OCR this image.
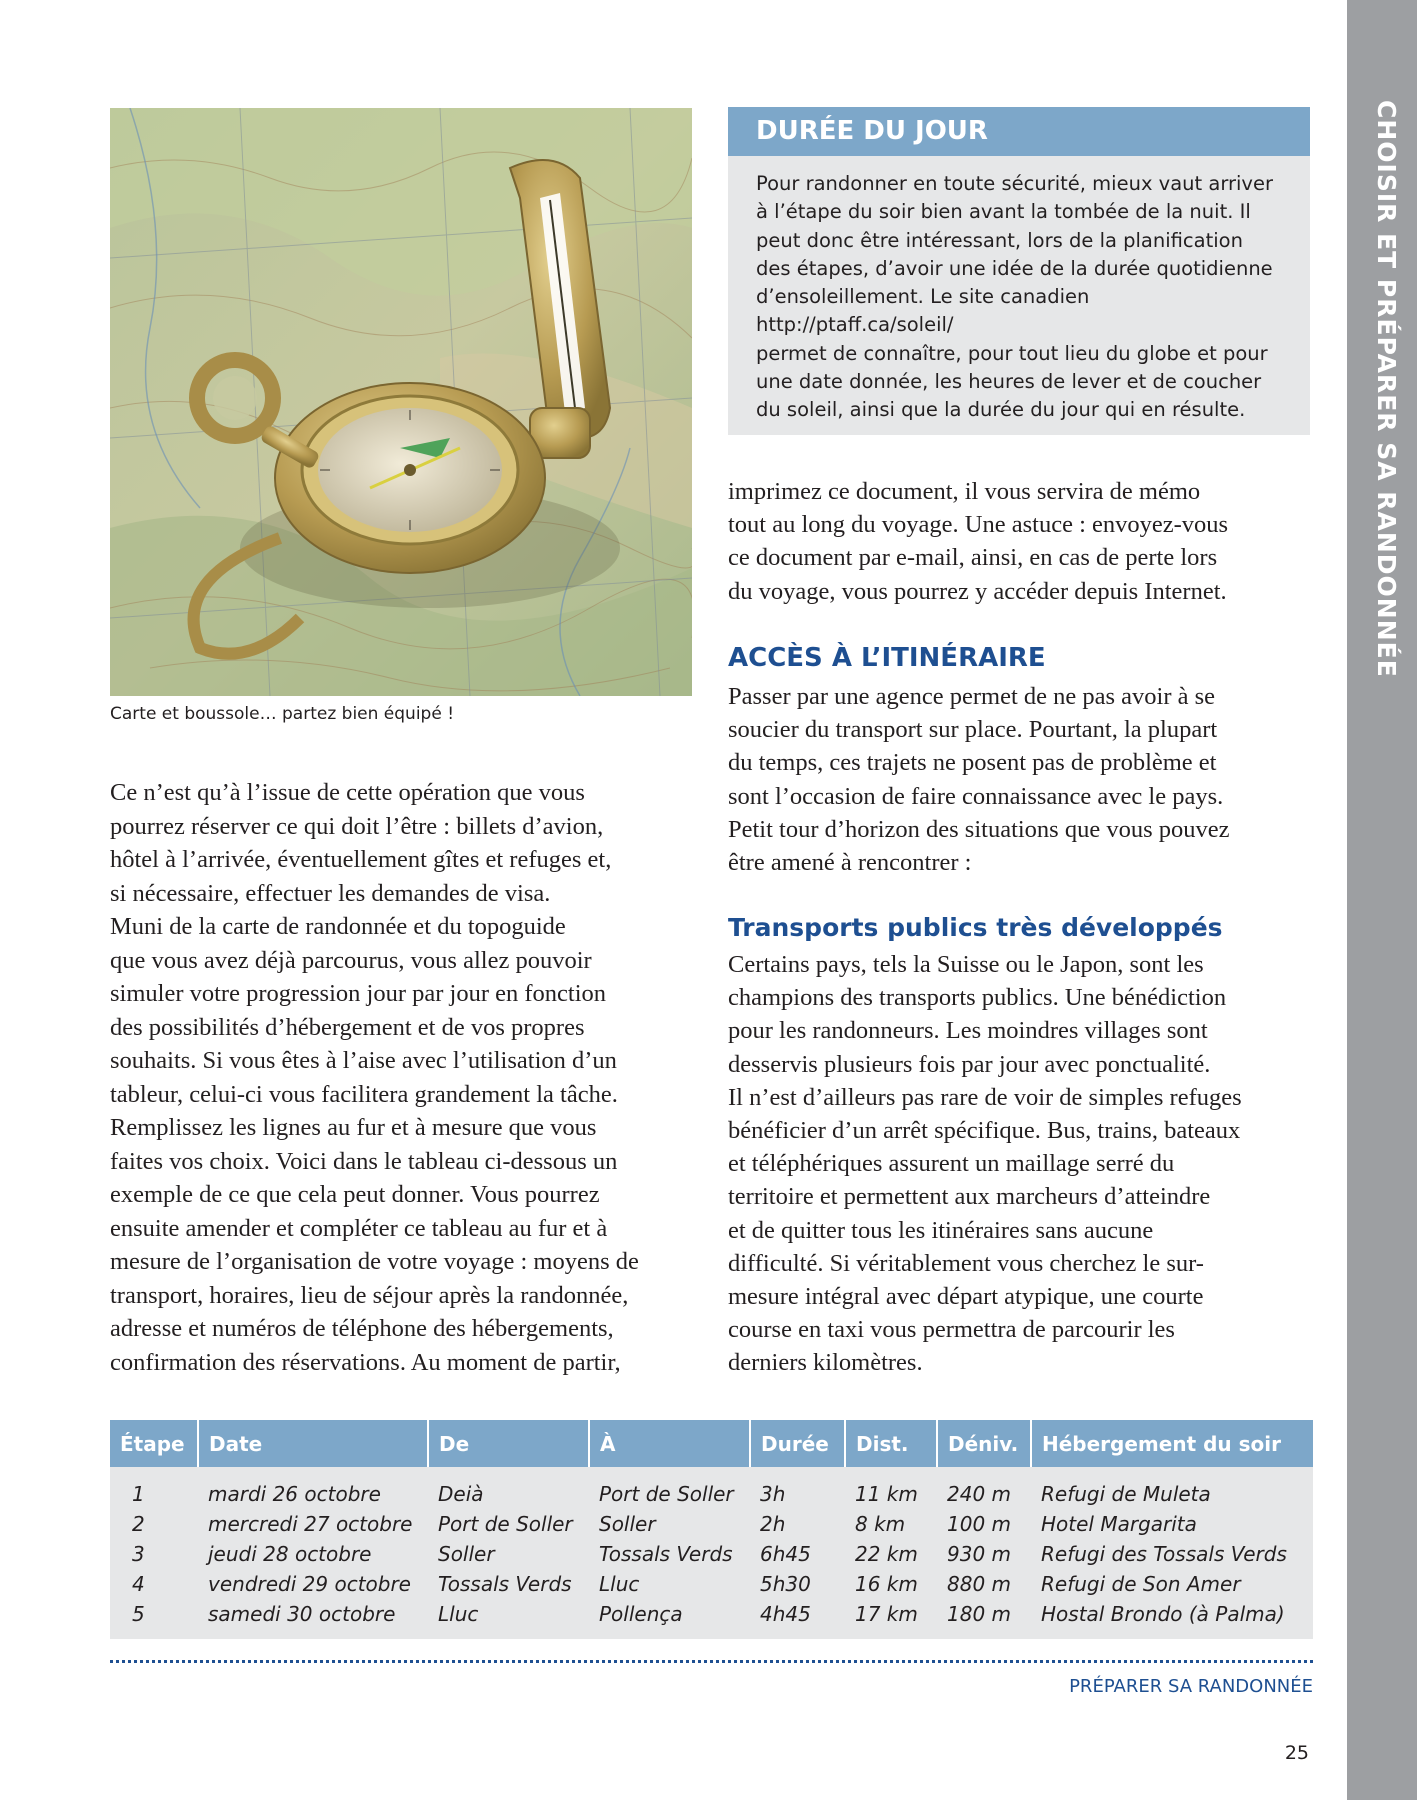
CHOISIR ET PRÉPARER SA RANDONNÉE
Carte et boussole… partez bien équipé !

Ce n’est qu’à l’issue de cette opération que vous

pourrez réserver ce qui doit l’être : billets d’avion,

hôtel à l’arrivée, éventuellement gîtes et refuges et,

si nécessaire, effectuer les demandes de visa.

Muni de la carte de randonnée et du topoguide

que vous avez déjà parcourus, vous allez pouvoir

simuler votre progression jour par jour en fonction

des possibilités d’hébergement et de vos propres

souhaits. Si vous êtes à l’aise avec l’utilisation d’un

tableur, celui-ci vous facilitera grandement la tâche.

Remplissez les lignes au fur et à mesure que vous

faites vos choix. Voici dans le tableau ci-dessous un

exemple de ce que cela peut donner. Vous pourrez

ensuite amender et compléter ce tableau au fur et à

mesure de l’organisation de votre voyage : moyens de

transport, horaires, lieu de séjour après la randonnée,

adresse et numéros de téléphone des hébergements,

confirmation des réservations. Au moment de partir,

DURÉE DU JOUR
Pour randonner en toute sécurité, mieux vaut arriver
à l’étape du soir bien avant la tombée de la nuit. Il
peut donc être intéressant, lors de la planification
des étapes, d’avoir une idée de la durée quotidienne
d’ensoleillement. Le site canadien http://ptaff.ca/soleil/
permet de connaître, pour tout lieu du globe et pour
une date donnée, les heures de lever et de coucher
du soleil, ainsi que la durée du jour qui en résulte.

imprimez ce document, il vous servira de mémo

tout au long du voyage. Une astuce : envoyez-vous

ce document par e-mail, ainsi, en cas de perte lors

du voyage, vous pourrez y accéder depuis Internet.

ACCÈS À L’ITINÉRAIRE

Passer par une agence permet de ne pas avoir à se

soucier du transport sur place. Pourtant, la plupart

du temps, ces trajets ne posent pas de problème et

sont l’occasion de faire connaissance avec le pays.

Petit tour d’horizon des situations que vous pouvez

être amené à rencontrer :

Transports publics très développés

Certains pays, tels la Suisse ou le Japon, sont les

champions des transports publics. Une bénédiction

pour les randonneurs. Les moindres villages sont

desservis plusieurs fois par jour avec ponctualité.

Il n’est d’ailleurs pas rare de voir de simples refuges

bénéficier d’un arrêt spécifique. Bus, trains, bateaux

et téléphériques assurent un maillage serré du

territoire et permettent aux marcheurs d’atteindre

et de quitter tous les itinéraires sans aucune

difficulté. Si véritablement vous cherchez le sur-

mesure intégral avec départ atypique, une courte

course en taxi vous permettra de parcourir les

derniers kilomètres.

Étape	Date	De	À	Durée	Dist.	Déniv.	Hébergement du soir
1	mardi 26 octobre	Deià	Port de Soller	3h	11 km	240 m	Refugi de Muleta
2	mercredi 27 octobre	Port de Soller	Soller	2h	8 km	100 m	Hotel Margarita
3	jeudi 28 octobre	Soller	Tossals Verds	6h45	22 km	930 m	Refugi des Tossals Verds
4	vendredi 29 octobre	Tossals Verds	Lluc	5h30	16 km	880 m	Refugi de Son Amer
5	samedi 30 octobre	Lluc	Pollença	4h45	17 km	180 m	Hostal Brondo (à Palma)
PRÉPARER SA RANDONNÉE
25
